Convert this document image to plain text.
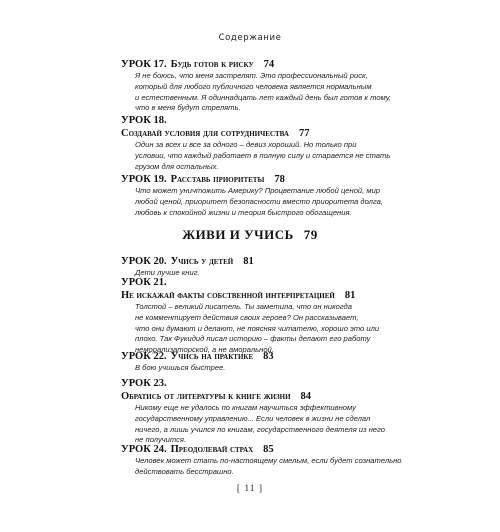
Содержание
УРОК 17. Будь готов к риску 74
Я не боюсь, что меня застрелят. Это профессиональный риск,
который для любого публичного человека является нормальным
и естественным. Я одиннадцать лет каждый день был готов к тому,
что в меня будут стрелять.
УРОК 18.
Создавай условия для сотрудничества 77
Один за всех и все за одного – девиз хороший. Но только при
условии, что каждый работает в полную силу и старается не стать
грузом для остальных.
УРОК 19. Расставь приоритеты 78
Что может уничтожить Америку? Процветание любой ценой, мир
любой ценой, приоритет безопасности вместо приоритета долга,
любовь к спокойной жизни и теория быстрого обогащения.
ЖИВИ И УЧИСЬ 79
УРОК 20. Учись у детей 81
Дети лучше книг.
УРОК 21.
Не искажай факты собственной интерпретацией 81
Толстой – великий писатель. Ты заметила, что он никогда
не комментирует действия своих героев? Он рассказывает,
что они думают и делают, не поясняя читателю, хорошо это или
плохо. Так Фукидид писал историю – факты делают его работу
неморализаторской, а не аморальной.
УРОК 22. Учись на практике 83
В бою учишься быстрее.
УРОК 23.
Обратись от литературы к книге жизни 84
Никому еще не удалось по книгам научиться эффективному
государственному управлению... Если человек в жизни не сделал
ничего, а лишь учился по книгам, государственного деятеля из него
не получится.
УРОК 24. Преодолевай страх 85
Человек может стать по-настоящему смелым, если будет сознательно
действовать бесстрашно.
[ 11 ]
